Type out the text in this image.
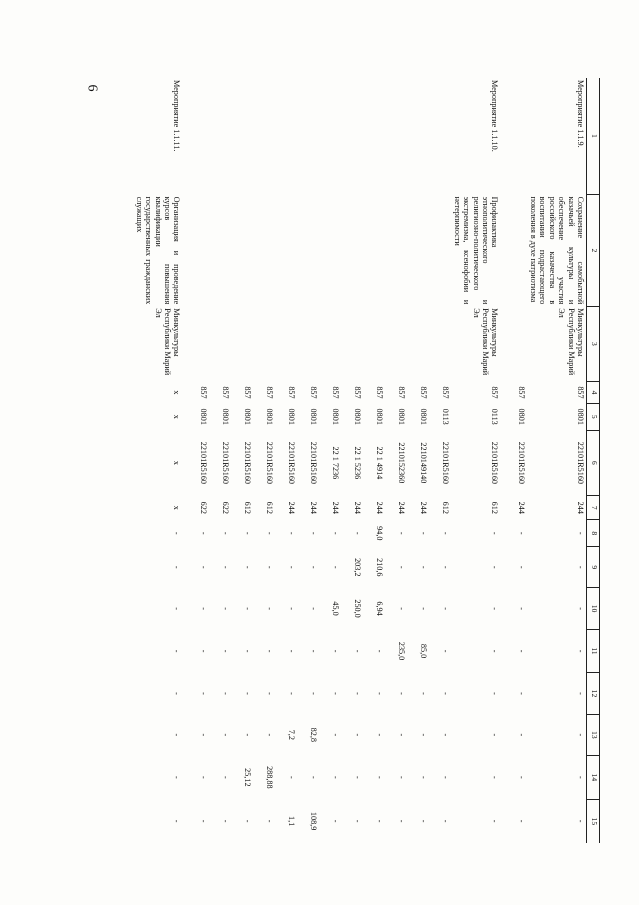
6
1	2	3	4	5	6	7	8	9	10	11	12	13	14	15
Мероприятие 1.1.9.	Сохранение самобытной казачьей культуры и обеспечение участия российского казачества в воспитании подрастающего поколения в духе патриотизма	Минкультуры Республики Марий Эл	857	0801	22101R5160	244	-	-	-	-	-	-	-	-
			857	0801	22101R5160	244	-	-	-	-	-	-	-	-
Мероприятие 1.1.10.	Профилактика этнополитического и религиозно-политического экстремизма, ксенофобии и нетерпимости	Минкультуры Республики Марий Эл	857	0113	22101R5160	612	-	-	-	-	-	-	-	-
			857	0113	22101R5160	612	-	-	-	-	-	-	-	-
			857	0801	2210149140	244	-	-	-	85,0	-	-	-	-
			857	0801	2210152360	244	-	-	-	235,0	-	-	-	-
			857	0801	22 1 4914	244	94,0	210,6	6,94	-	-	-	-	-
			857	0801	22 1 5236	244	-	203,2	250,0	-	-	-	-	-
			857	0801	22 1 7236	244	-	-	45,0	-	-	-	-	-
			857	0801	22101R5160	244	-	-	-	-	-	82,8	-	108,9
			857	0801	22101R5160	244	-	-	-	-	-	7,2	-	1,1
			857	0801	22101R5160	612	-	-	-	-	-	-	288,88	-
			857	0801	22101R5160	612	-	-	-	-	-	-	25,12	-
			857	0801	22101R5160	622	-	-	-	-	-	-	-	-
			857	0801	22101R5160	622	-	-	-	-	-	-	-	-
Мероприятие 1.1.11.	Организация и проведение курсов повышения квалификации государственных гражданских служащих	Минкультуры Республики Марий Эл	x	x	x	x	-	-	-	-	-	-	-	-
